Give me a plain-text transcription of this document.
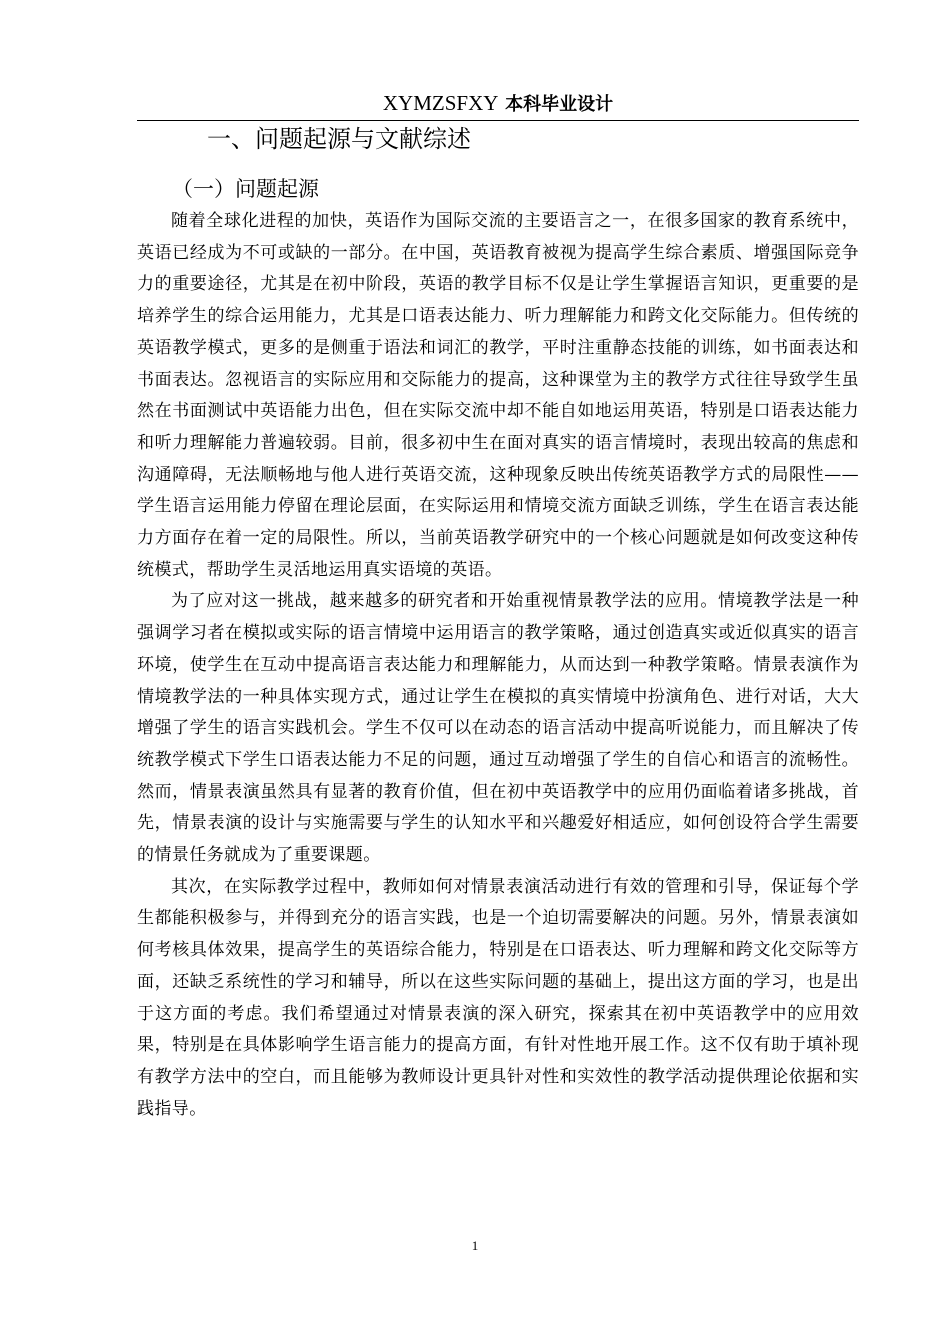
XYMZSFXY 本科毕业设计
一、问题起源与文献综述
（一）问题起源

随着全球化进程的加快，英语作为国际交流的主要语言之一，在很多国家的教育系统中，英语已经成为不可或缺的一部分。在中国，英语教育被视为提高学生综合素质、增强国际竞争力的重要途径，尤其是在初中阶段，英语的教学目标不仅是让学生掌握语言知识，更重要的是培养学生的综合运用能力，尤其是口语表达能力、听力理解能力和跨文化交际能力。但传统的英语教学模式，更多的是侧重于语法和词汇的教学，平时注重静态技能的训练，如书面表达和书面表达。忽视语言的实际应用和交际能力的提高，这种课堂为主的教学方式往往导致学生虽然在书面测试中英语能力出色，但在实际交流中却不能自如地运用英语，特别是口语表达能力和听力理解能力普遍较弱。目前，很多初中生在面对真实的语言情境时，表现出较高的焦虑和沟通障碍，无法顺畅地与他人进行英语交流，这种现象反映出传统英语教学方式的局限性——学生语言运用能力停留在理论层面，在实际运用和情境交流方面缺乏训练，学生在语言表达能力方面存在着一定的局限性。所以，当前英语教学研究中的一个核心问题就是如何改变这种传统模式，帮助学生灵活地运用真实语境的英语。

为了应对这一挑战，越来越多的研究者和开始重视情景教学法的应用。情境教学法是一种强调学习者在模拟或实际的语言情境中运用语言的教学策略，通过创造真实或近似真实的语言环境，使学生在互动中提高语言表达能力和理解能力，从而达到一种教学策略。情景表演作为情境教学法的一种具体实现方式，通过让学生在模拟的真实情境中扮演角色、进行对话，大大增强了学生的语言实践机会。学生不仅可以在动态的语言活动中提高听说能力，而且解决了传统教学模式下学生口语表达能力不足的问题，通过互动增强了学生的自信心和语言的流畅性。然而，情景表演虽然具有显著的教育价值，但在初中英语教学中的应用仍面临着诸多挑战，首先，情景表演的设计与实施需要与学生的认知水平和兴趣爱好相适应，如何创设符合学生需要的情景任务就成为了重要课题。

其次，在实际教学过程中，教师如何对情景表演活动进行有效的管理和引导，保证每个学生都能积极参与，并得到充分的语言实践，也是一个迫切需要解决的问题。另外，情景表演如何考核具体效果，提高学生的英语综合能力，特别是在口语表达、听力理解和跨文化交际等方面，还缺乏系统性的学习和辅导，所以在这些实际问题的基础上，提出这方面的学习，也是出于这方面的考虑。我们希望通过对情景表演的深入研究，探索其在初中英语教学中的应用效果，特别是在具体影响学生语言能力的提高方面，有针对性地开展工作。这不仅有助于填补现有教学方法中的空白，而且能够为教师设计更具针对性和实效性的教学活动提供理论依据和实践指导。

1
